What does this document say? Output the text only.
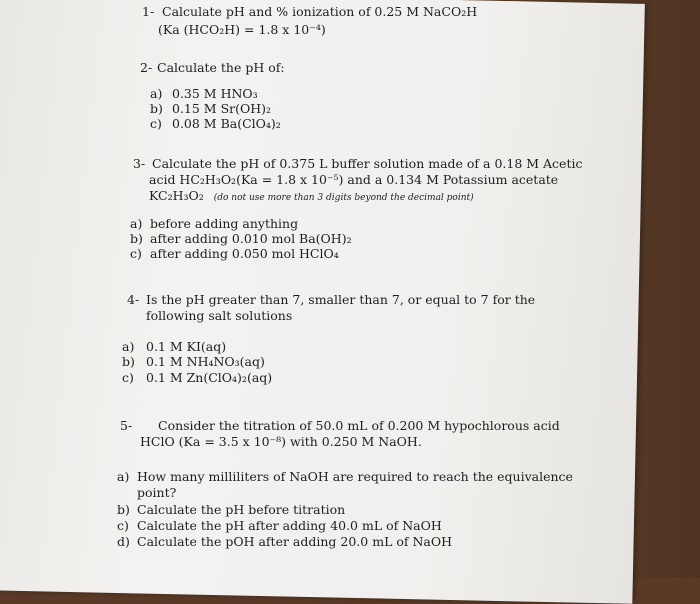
1- Calculate pH and % ionization of 0.25 M NaCO₂H
(Ka (HCO₂H) = 1.8 x 10⁻⁴)
2- Calculate the pH of:
a) 0.35 M HNO₃
b) 0.15 M Sr(OH)₂
c) 0.08 M Ba(ClO₄)₂
3- Calculate the pH of 0.375 L buffer solution made of a 0.18 M Acetic
acid HC₂H₃O₂(Ka = 1.8 x 10⁻⁵) and a 0.134 M Potassium acetate
KC₂H₃O₂ (do not use more than 3 digits beyond the decimal point)
a) before adding anything
b) after adding 0.010 mol Ba(OH)₂
c) after adding 0.050 mol HClO₄
4- Is the pH greater than 7, smaller than 7, or equal to 7 for the
following salt solutions
a) 0.1 M KI(aq)
b) 0.1 M NH₄NO₃(aq)
c) 0.1 M Zn(ClO₄)₂(aq)
5- Consider the titration of 50.0 mL of 0.200 M hypochlorous acid
HClO (Ka = 3.5 x 10⁻⁸) with 0.250 M NaOH.
a) How many milliliters of NaOH are required to reach the equivalence
point?
b) Calculate the pH before titration
c) Calculate the pH after adding 40.0 mL of NaOH
d) Calculate the pOH after adding 20.0 mL of NaOH
